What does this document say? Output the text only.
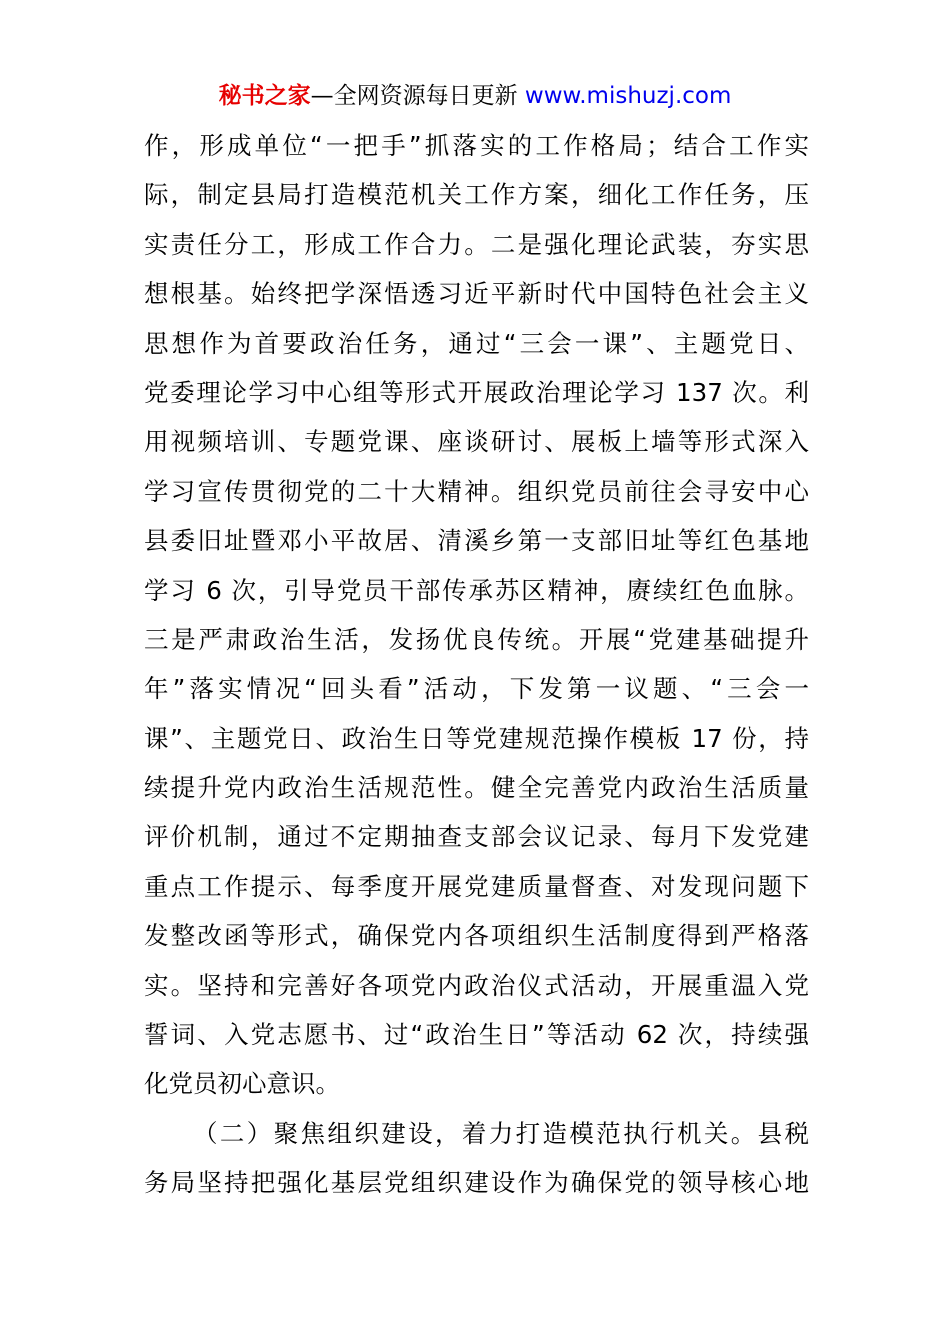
秘书之家—全网资源每日更新 www.mishuzj.com
作，形成单位“一把手”抓落实的工作格局；结合工作实
际，制定县局打造模范机关工作方案，细化工作任务，压
实责任分工，形成工作合力。二是强化理论武装，夯实思
想根基。始终把学深悟透习近平新时代中国特色社会主义
思想作为首要政治任务，通过“三会一课”、主题党日、
党委理论学习中心组等形式开展政治理论学习 137 次。利
用视频培训、专题党课、座谈研讨、展板上墙等形式深入
学习宣传贯彻党的二十大精神。组织党员前往会寻安中心
县委旧址暨邓小平故居、清溪乡第一支部旧址等红色基地
学习 6 次，引导党员干部传承苏区精神，赓续红色血脉。
三是严肃政治生活，发扬优良传统。开展“党建基础提升
年”落实情况“回头看”活动，下发第一议题、“三会一
课”、主题党日、政治生日等党建规范操作模板 17 份，持
续提升党内政治生活规范性。健全完善党内政治生活质量
评价机制，通过不定期抽查支部会议记录、每月下发党建
重点工作提示、每季度开展党建质量督查、对发现问题下
发整改函等形式，确保党内各项组织生活制度得到严格落
实。坚持和完善好各项党内政治仪式活动，开展重温入党
誓词、入党志愿书、过“政治生日”等活动 62 次，持续强
化党员初心意识。
（二）聚焦组织建设，着力打造模范执行机关。县税
务局坚持把强化基层党组织建设作为确保党的领导核心地
